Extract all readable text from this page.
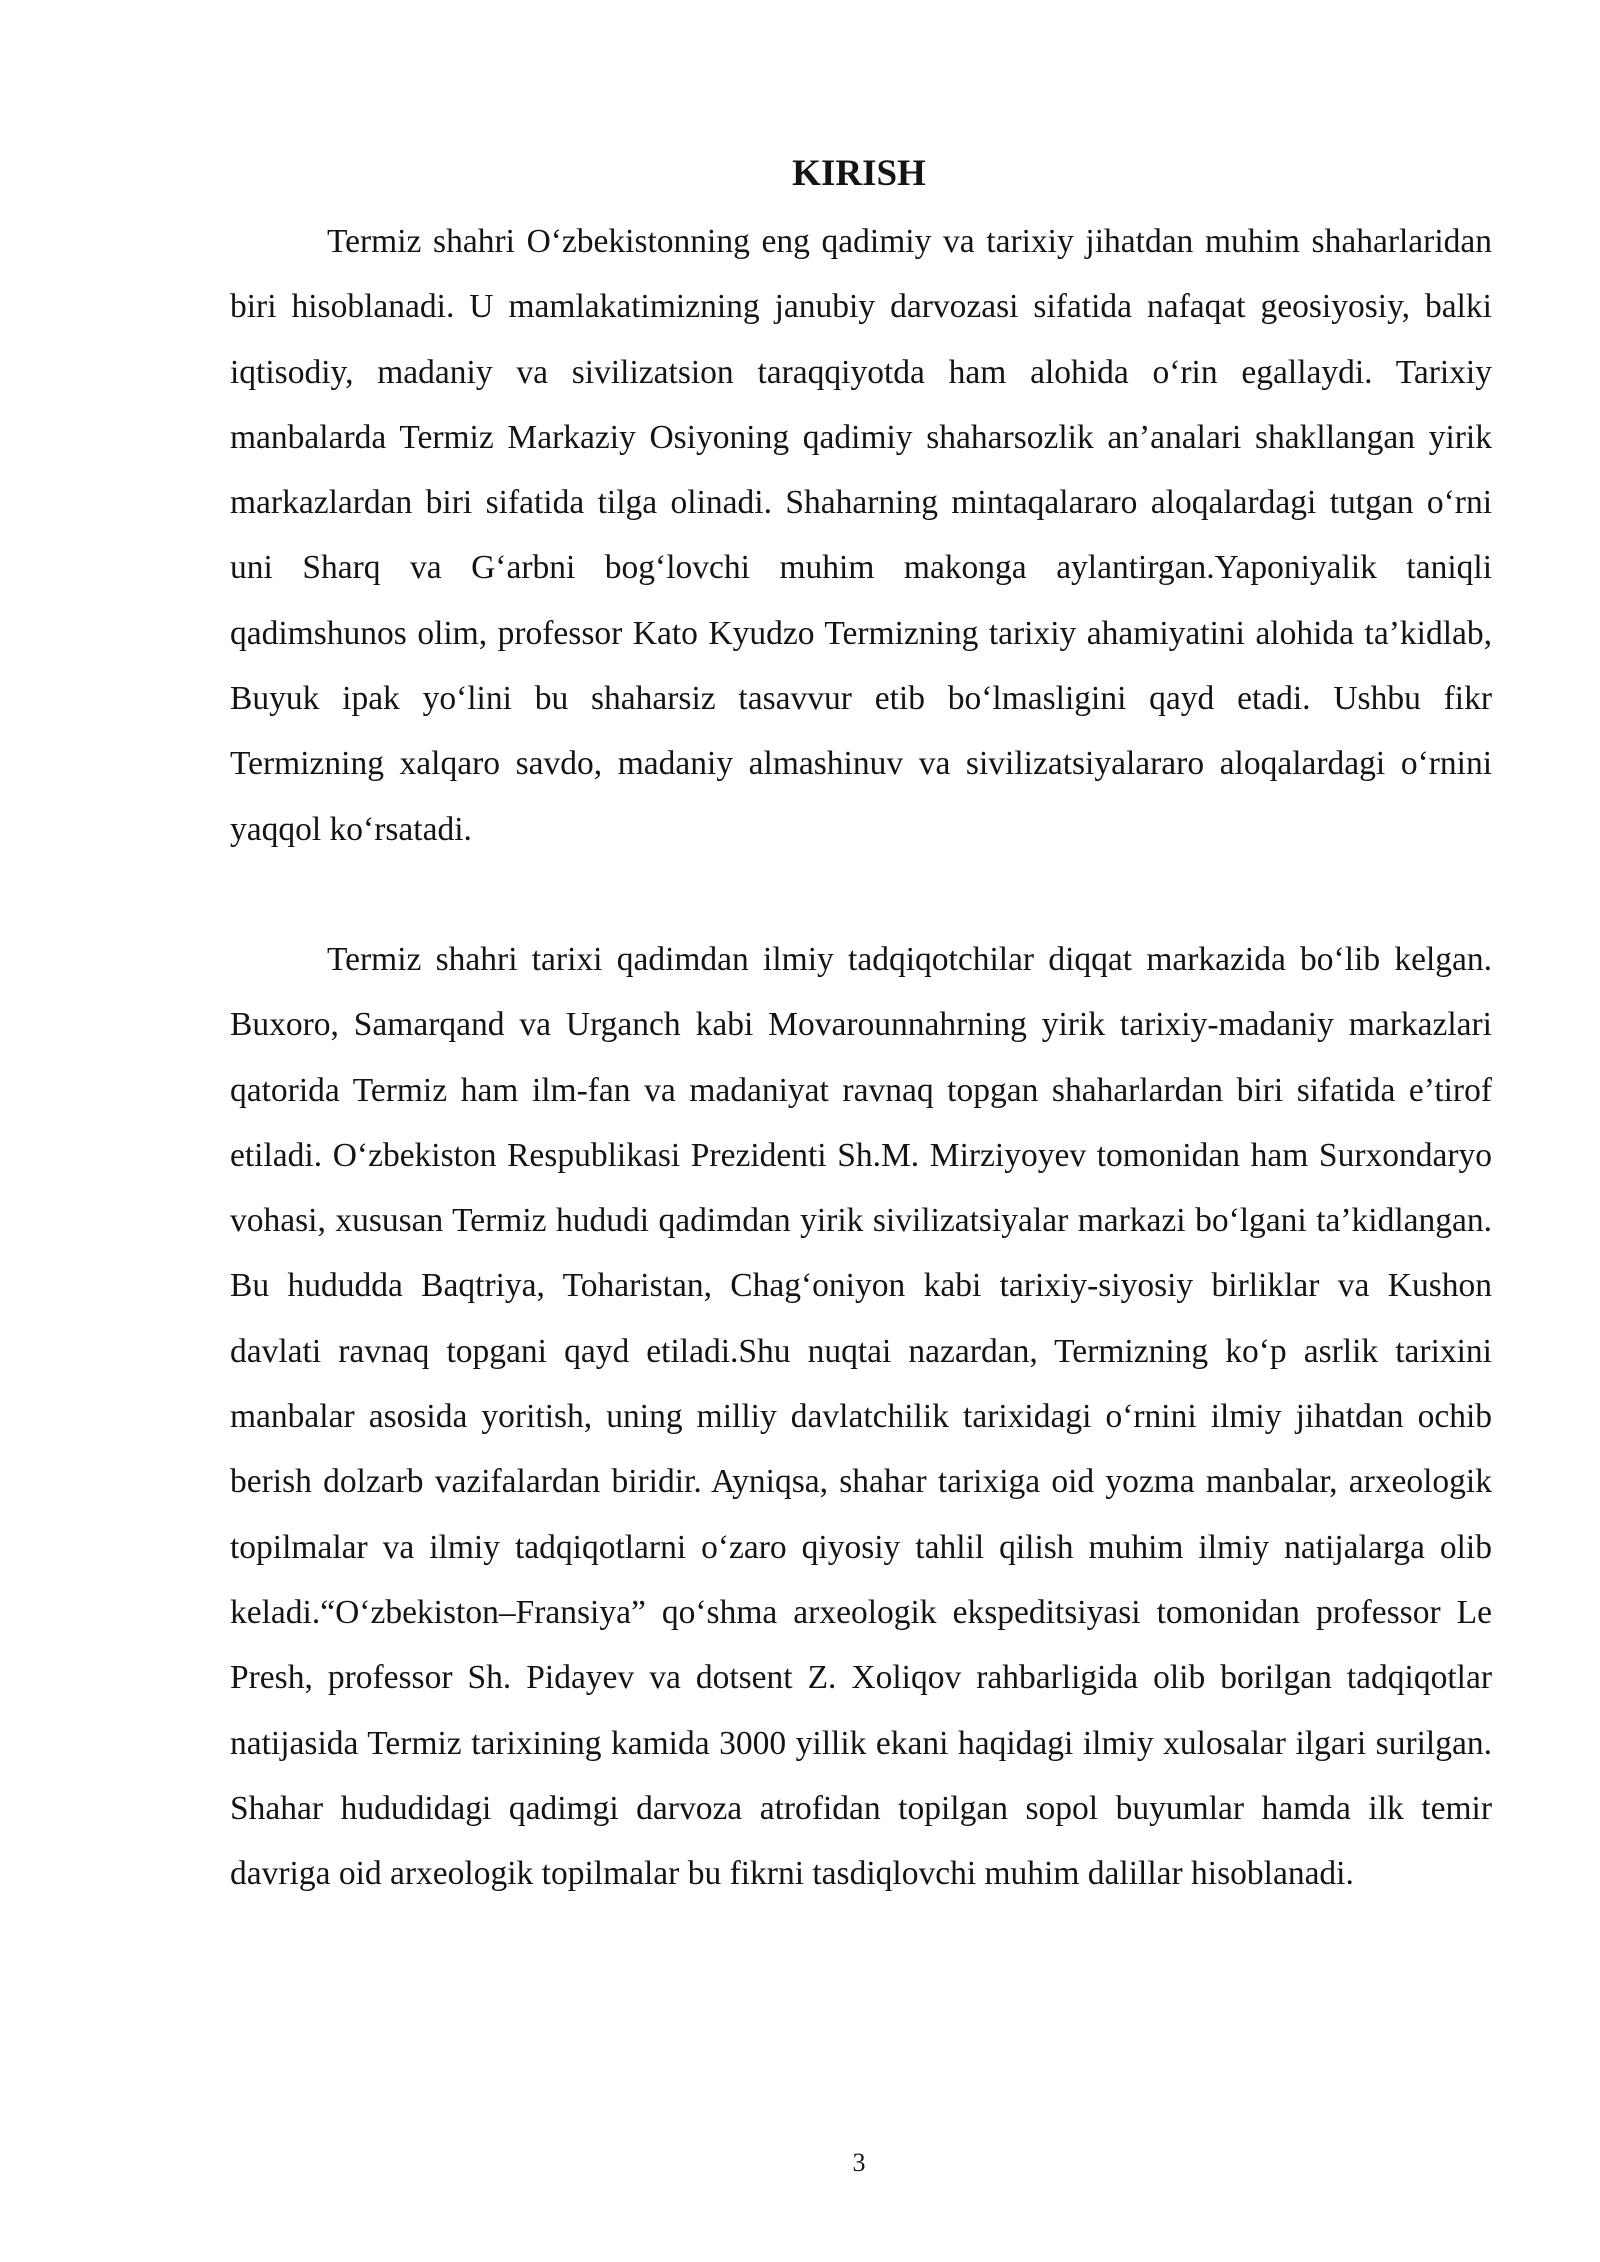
KIRISH

Termiz shahri O‘zbekistonning eng qadimiy va tarixiy jihatdan muhim shaharlaridan biri hisoblanadi. U mamlakatimizning janubiy darvozasi sifatida nafaqat geosiyosiy, balki iqtisodiy, madaniy va sivilizatsion taraqqiyotda ham alohida o‘rin egallaydi. Tarixiy manbalarda Termiz Markaziy Osiyoning qadimiy shaharsozlik an’analari shakllangan yirik markazlardan biri sifatida tilga olinadi. Shaharning mintaqalararo aloqalardagi tutgan o‘rni uni Sharq va G‘arbni bog‘lovchi muhim makonga aylantirgan.Yaponiyalik taniqli qadimshunos olim, professor Kato Kyudzo Termizning tarixiy ahamiyatini alohida ta’kidlab, Buyuk ipak yo‘lini bu shaharsiz tasavvur etib bo‘lmasligini qayd etadi. Ushbu fikr Termizning xalqaro savdo, madaniy almashinuv va sivilizatsiyalararo aloqalardagi o‘rnini yaqqol ko‘rsatadi.

Termiz shahri tarixi qadimdan ilmiy tadqiqotchilar diqqat markazida bo‘lib kelgan. Buxoro, Samarqand va Urganch kabi Movarounnahrning yirik tarixiy-madaniy markazlari qatorida Termiz ham ilm-fan va madaniyat ravnaq topgan shaharlardan biri sifatida e’tirof etiladi. O‘zbekiston Respublikasi Prezidenti Sh.M. Mirziyoyev tomonidan ham Surxondaryo vohasi, xususan Termiz hududi qadimdan yirik sivilizatsiyalar markazi bo‘lgani ta’kidlangan. Bu hududda Baqtriya, Toharistan, Chag‘oniyon kabi tarixiy-siyosiy birliklar va Kushon davlati ravnaq topgani qayd etiladi.Shu nuqtai nazardan, Termizning ko‘p asrlik tarixini manbalar asosida yoritish, uning milliy davlatchilik tarixidagi o‘rnini ilmiy jihatdan ochib berish dolzarb vazifalardan biridir. Ayniqsa, shahar tarixiga oid yozma manbalar, arxeologik topilmalar va ilmiy tadqiqotlarni o‘zaro qiyosiy tahlil qilish muhim ilmiy natijalarga olib keladi.“O‘zbekiston–Fransiya” qo‘shma arxeologik ekspeditsiyasi tomonidan professor Le Presh, professor Sh. Pidayev va dotsent Z. Xoliqov rahbarligida olib borilgan tadqiqotlar natijasida Termiz tarixining kamida 3000 yillik ekani haqidagi ilmiy xulosalar ilgari surilgan. Shahar hududidagi qadimgi darvoza atrofidan topilgan sopol buyumlar hamda ilk temir davriga oid arxeologik topilmalar bu fikrni tasdiqlovchi muhim dalillar hisoblanadi.

3
